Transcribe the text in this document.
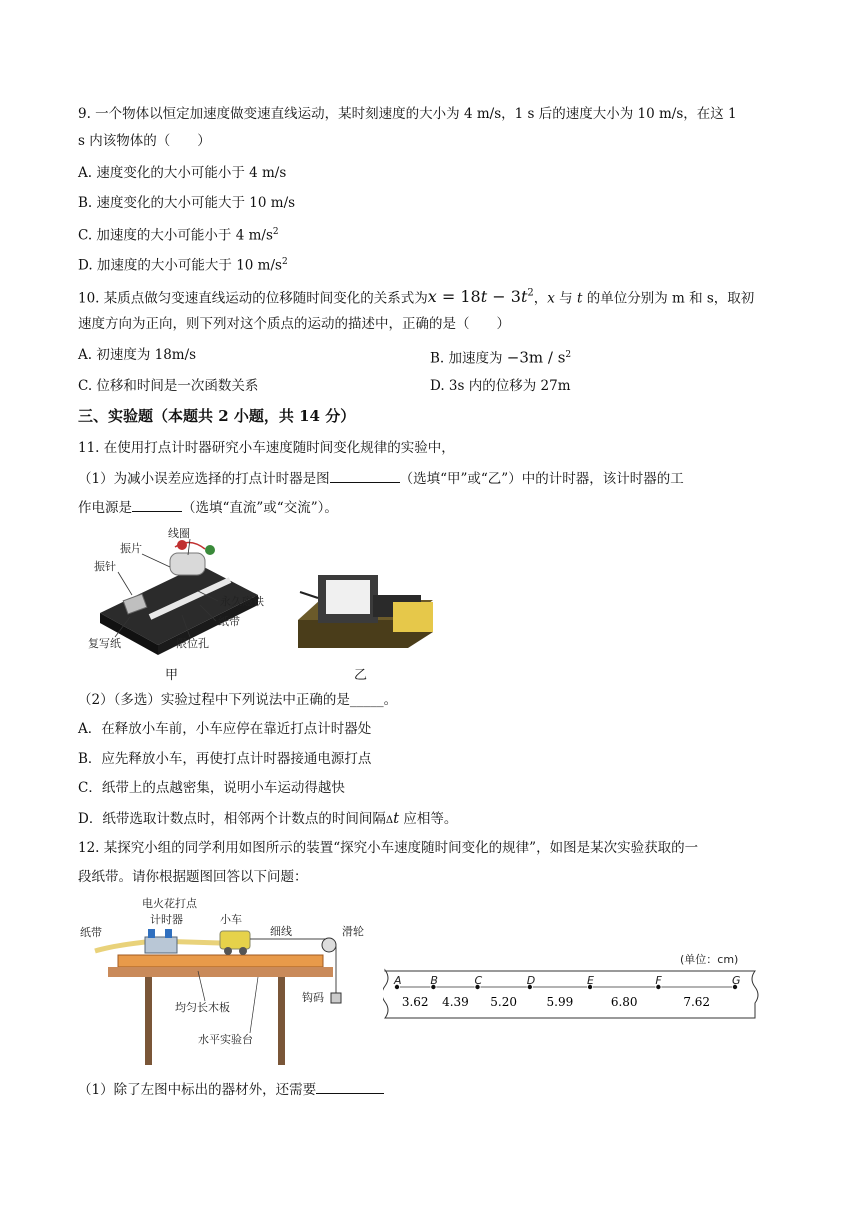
9. 一个物体以恒定加速度做变速直线运动，某时刻速度的大小为 4 m/s，1 s 后的速度大小为 10 m/s，在这 1
s 内该物体的（　　）
A. 速度变化的大小可能小于 4 m/s
B. 速度变化的大小可能大于 10 m/s
C. 加速度的大小可能小于 4 $m/s^2$
D. 加速度的大小可能大于 10 $m/s^2$
10. 某质点做匀变速直线运动的位移随时间变化的关系式为$x = 18t - 3t^2$，x 与 t 的单位分别为 m 和 s，取初
速度方向为正向，则下列对这个质点的运动的描述中，正确的是（　　）
A. 初速度为 18m/s	B. 加速度为 $-3m / s^2$
C. 位移和时间是一次函数关系	D. 3s 内的位移为 27m
三、实验题（本题共 2 小题，共 14 分）
11. 在使用打点计时器研究小车速度随时间变化规律的实验中，
（1）为减小误差应选择的打点计时器是图	（选填“甲”或“乙”）中的计时器，该计时器的工
作电源是	（选填“直流”或“交流”）。
线圈
振片
振针
永久磁铁
纸带
复写纸	限位孔
甲	乙
（2）（多选）实验过程中下列说法中正确的是_____。
A．在释放小车前，小车应停在靠近打点计时器处
B．应先释放小车，再使打点计时器接通电源打点
C．纸带上的点越密集，说明小车运动得越快
D．纸带选取计数点时，相邻两个计数点的时间间隔Δt 应相等。
12. 某探究小组的同学利用如图所示的装置“探究小车速度随时间变化的规律”，如图是某次实验获取的一
段纸带。请你根据题图回答以下问题：
纸带
电火花打点
计时器	小车
细线	滑轮
钩码
均匀长木板
水平实验台
(单位：cm)
A	B	C	D	E	F	G
3.62 4.39 5.20 5.99	6.80	7.62
（1）除了左图中标出的器材外，还需要
